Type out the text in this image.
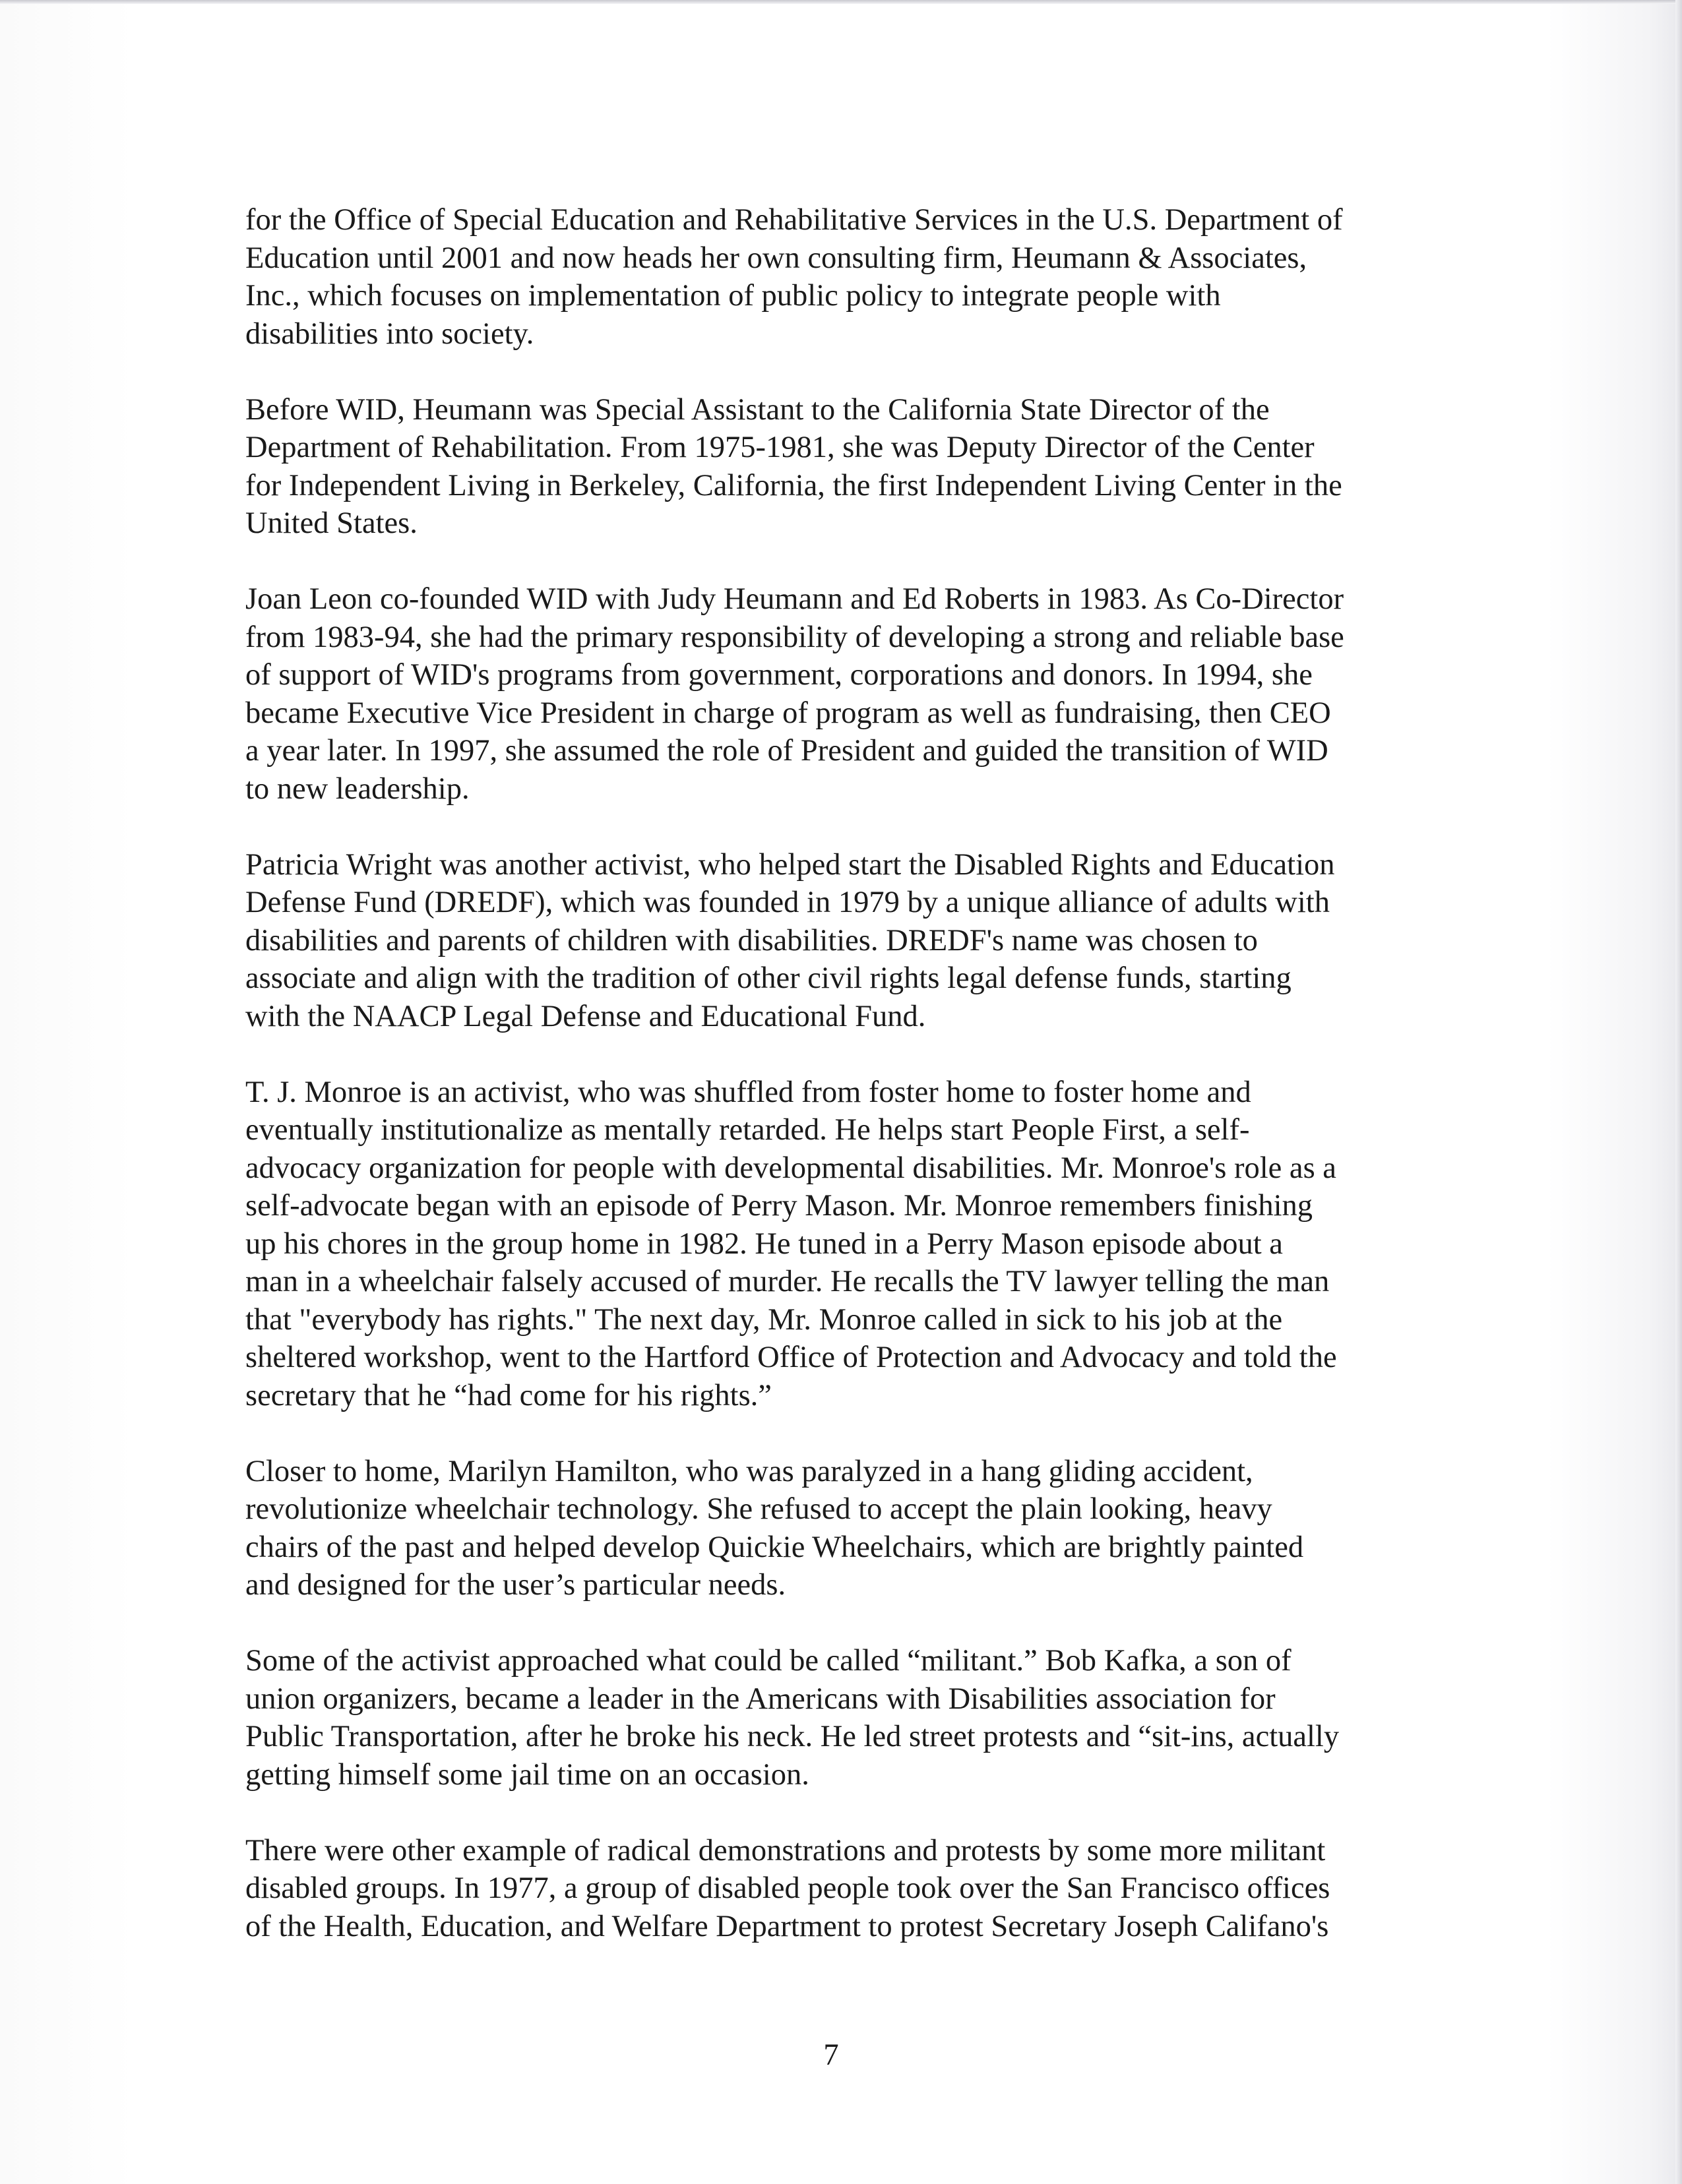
for the Office of Special Education and Rehabilitative Services in the U.S. Department of
Education until 2001 and now heads her own consulting firm, Heumann & Associates,
Inc., which focuses on implementation of public policy to integrate people with
disabilities into society.

Before WID, Heumann was Special Assistant to the California State Director of the
Department of Rehabilitation. From 1975-1981, she was Deputy Director of the Center
for Independent Living in Berkeley, California, the first Independent Living Center in the
United States.

Joan Leon co-founded WID with Judy Heumann and Ed Roberts in 1983. As Co-Director
from 1983-94, she had the primary responsibility of developing a strong and reliable base
of support of WID's programs from government, corporations and donors. In 1994, she
became Executive Vice President in charge of program as well as fundraising, then CEO
a year later. In 1997, she assumed the role of President and guided the transition of WID
to new leadership.

Patricia Wright was another activist, who helped start the Disabled Rights and Education
Defense Fund (DREDF), which was founded in 1979 by a unique alliance of adults with
disabilities and parents of children with disabilities. DREDF's name was chosen to
associate and align with the tradition of other civil rights legal defense funds, starting
with the NAACP Legal Defense and Educational Fund.

T. J. Monroe is an activist, who was shuffled from foster home to foster home and
eventually institutionalize as mentally retarded. He helps start People First, a self-
advocacy organization for people with developmental disabilities. Mr. Monroe's role as a
self-advocate began with an episode of Perry Mason. Mr. Monroe remembers finishing
up his chores in the group home in 1982. He tuned in a Perry Mason episode about a
man in a wheelchair falsely accused of murder. He recalls the TV lawyer telling the man
that "everybody has rights." The next day, Mr. Monroe called in sick to his job at the
sheltered workshop, went to the Hartford Office of Protection and Advocacy and told the
secretary that he “had come for his rights.”

Closer to home, Marilyn Hamilton, who was paralyzed in a hang gliding accident,
revolutionize wheelchair technology. She refused to accept the plain looking, heavy
chairs of the past and helped develop Quickie Wheelchairs, which are brightly painted
and designed for the user’s particular needs.

Some of the activist approached what could be called “militant.” Bob Kafka, a son of
union organizers, became a leader in the Americans with Disabilities association for
Public Transportation, after he broke his neck. He led street protests and “sit-ins, actually
getting himself some jail time on an occasion.

There were other example of radical demonstrations and protests by some more militant
disabled groups. In 1977, a group of disabled people took over the San Francisco offices
of the Health, Education, and Welfare Department to protest Secretary Joseph Califano's

7
